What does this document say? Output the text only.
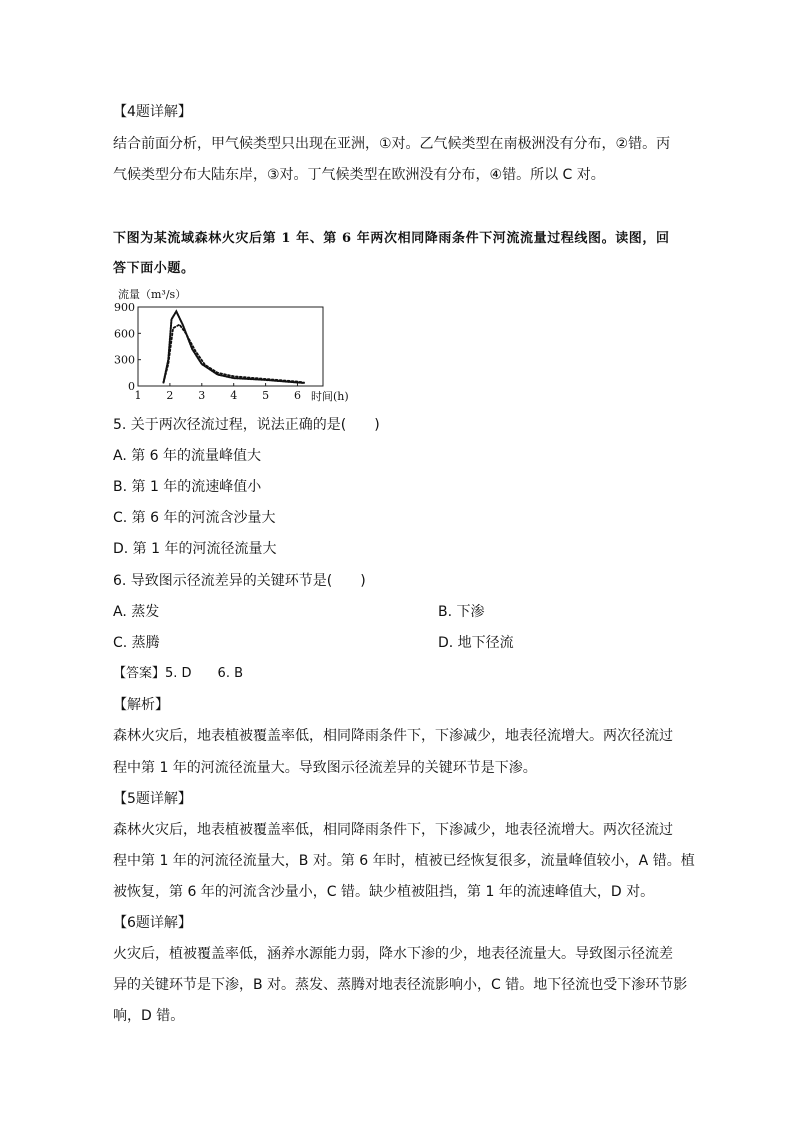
【4题详解】
结合前面分析，甲气候类型只出现在亚洲，①对。乙气候类型在南极洲没有分布，②错。丙
气候类型分布大陆东岸，③对。丁气候类型在欧洲没有分布，④错。所以 C 对。
下图为某流域森林火灾后第 1 年、第 6 年两次相同降雨条件下河流流量过程线图。读图，回
答下面小题。
流量（m³/s）
0
300
600
900
1 2 3 4 5 6 时间(h)
5. 关于两次径流过程，说法正确的是(　　)
A. 第 6 年的流量峰值大
B. 第 1 年的流速峰值小
C. 第 6 年的河流含沙量大
D. 第 1 年的河流径流量大
6. 导致图示径流差异的关键环节是(　　)
A. 蒸发	B. 下渗
C. 蒸腾	D. 地下径流
【答案】5. D　　6. B
【解析】
森林火灾后，地表植被覆盖率低，相同降雨条件下，下渗减少，地表径流增大。两次径流过
程中第 1 年的河流径流量大。导致图示径流差异的关键环节是下渗。
【5题详解】
森林火灾后，地表植被覆盖率低，相同降雨条件下，下渗减少，地表径流增大。两次径流过
程中第 1 年的河流径流量大，B 对。第 6 年时，植被已经恢复很多，流量峰值较小，A 错。植
被恢复，第 6 年的河流含沙量小，C 错。缺少植被阻挡，第 1 年的流速峰值大，D 对。
【6题详解】
火灾后，植被覆盖率低，涵养水源能力弱，降水下渗的少，地表径流量大。导致图示径流差
异的关键环节是下渗，B 对。蒸发、蒸腾对地表径流影响小，C 错。地下径流也受下渗环节影
响，D 错。
